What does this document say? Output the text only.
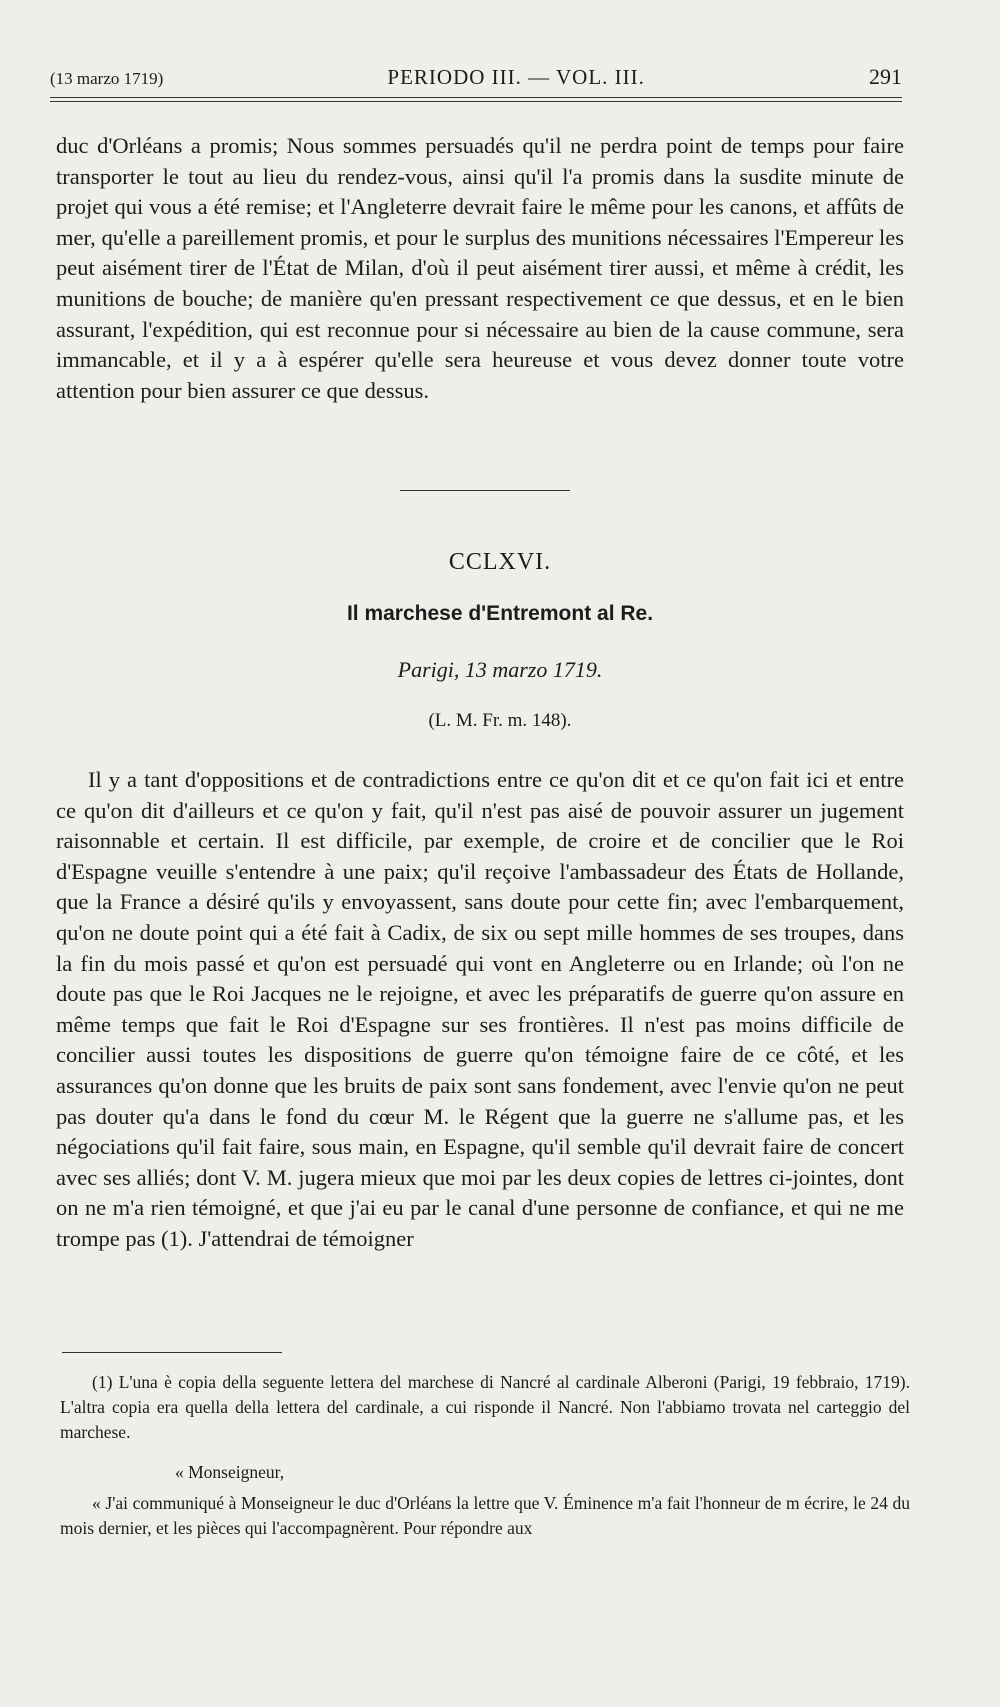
(13 marzo 1719)	PERIODO III. — VOL. III.	291

duc d'Orléans a promis; Nous sommes persuadés qu'il ne perdra point de temps pour faire transporter le tout au lieu du rendez-vous, ainsi qu'il l'a promis dans la susdite minute de projet qui vous a été remise; et l'Angleterre devrait faire le même pour les canons, et affûts de mer, qu'elle a pareillement promis, et pour le surplus des munitions nécessaires l'Empereur les peut aisément tirer de l'État de Milan, d'où il peut aisément tirer aussi, et même à crédit, les munitions de bouche; de manière qu'en pressant respectivement ce que dessus, et en le bien assurant, l'expédition, qui est reconnue pour si nécessaire au bien de la cause commune, sera immancable, et il y a à espérer qu'elle sera heureuse et vous devez donner toute votre attention pour bien assurer ce que dessus.

CCLXVI.
Il marchese d'Entremont al Re.
Parigi, 13 marzo 1719.
(L. M. Fr. m. 148).

Il y a tant d'oppositions et de contradictions entre ce qu'on dit et ce qu'on fait ici et entre ce qu'on dit d'ailleurs et ce qu'on y fait, qu'il n'est pas aisé de pouvoir assurer un jugement raisonnable et certain. Il est difficile, par exemple, de croire et de concilier que le Roi d'Espagne veuille s'entendre à une paix; qu'il reçoive l'ambassadeur des États de Hollande, que la France a désiré qu'ils y envoyassent, sans doute pour cette fin; avec l'embarquement, qu'on ne doute point qui a été fait à Cadix, de six ou sept mille hommes de ses troupes, dans la fin du mois passé et qu'on est persuadé qui vont en Angleterre ou en Irlande; où l'on ne doute pas que le Roi Jacques ne le rejoigne, et avec les préparatifs de guerre qu'on assure en même temps que fait le Roi d'Espagne sur ses frontières. Il n'est pas moins difficile de concilier aussi toutes les dispositions de guerre qu'on témoigne faire de ce côté, et les assurances qu'on donne que les bruits de paix sont sans fondement, avec l'envie qu'on ne peut pas douter qu'a dans le fond du cœur M. le Régent que la guerre ne s'allume pas, et les négociations qu'il fait faire, sous main, en Espagne, qu'il semble qu'il devrait faire de concert avec ses alliés; dont V. M. jugera mieux que moi par les deux copies de lettres ci-jointes, dont on ne m'a rien témoigné, et que j'ai eu par le canal d'une personne de confiance, et qui ne me trompe pas (1). J'attendrai de témoigner

(1) L'una è copia della seguente lettera del marchese di Nancré al cardinale Alberoni (Parigi, 19 febbraio, 1719). L'altra copia era quella della lettera del cardinale, a cui risponde il Nancré. Non l'abbiamo trovata nel carteggio del marchese.

« Monseigneur,

« J'ai communiqué à Monseigneur le duc d'Orléans la lettre que V. Éminence m'a fait l'honneur de m écrire, le 24 du mois dernier, et les pièces qui l'accompagnèrent. Pour répondre aux
